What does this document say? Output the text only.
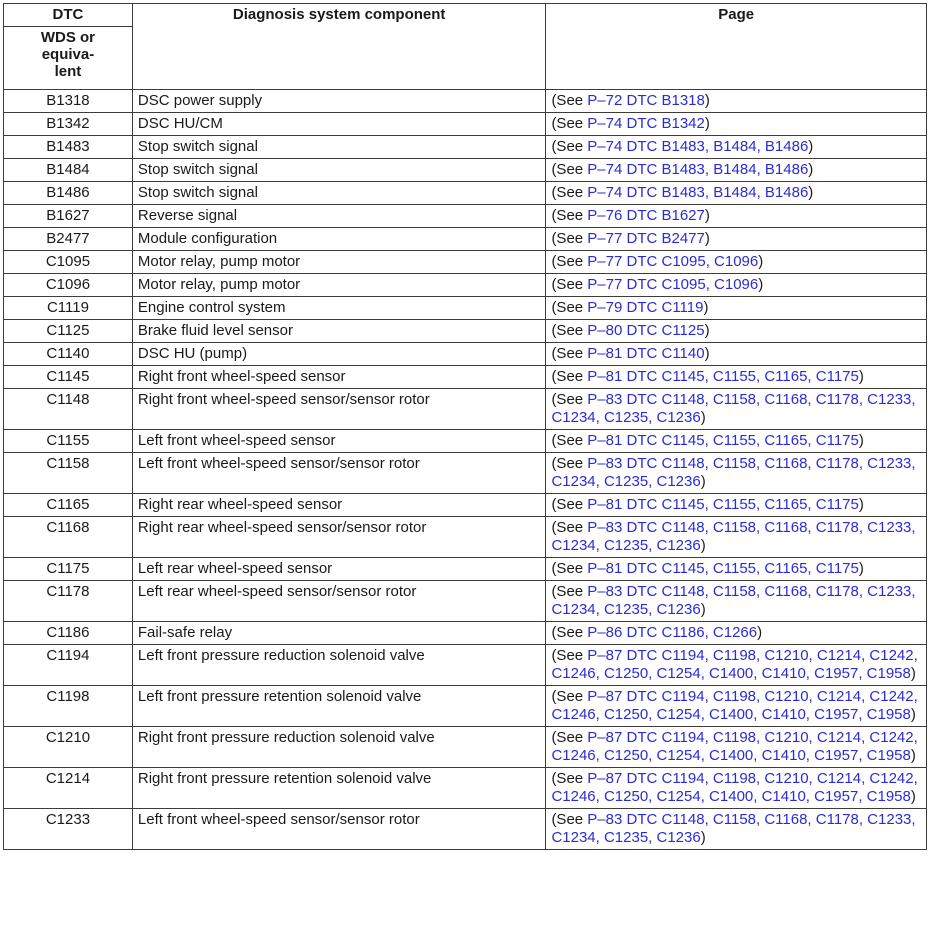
DTC	Diagnosis system component	Page
WDS or
equiva-
lent		
B1318	DSC power supply	(See P–72 DTC B1318)
B1342	DSC HU/CM	(See P–74 DTC B1342)
B1483	Stop switch signal	(See P–74 DTC B1483, B1484, B1486)
B1484	Stop switch signal	(See P–74 DTC B1483, B1484, B1486)
B1486	Stop switch signal	(See P–74 DTC B1483, B1484, B1486)
B1627	Reverse signal	(See P–76 DTC B1627)
B2477	Module configuration	(See P–77 DTC B2477)
C1095	Motor relay, pump motor	(See P–77 DTC C1095, C1096)
C1096	Motor relay, pump motor	(See P–77 DTC C1095, C1096)
C1119	Engine control system	(See P–79 DTC C1119)
C1125	Brake fluid level sensor	(See P–80 DTC C1125)
C1140	DSC HU (pump)	(See P–81 DTC C1140)
C1145	Right front wheel-speed sensor	(See P–81 DTC C1145, C1155, C1165, C1175)
C1148	Right front wheel-speed sensor/sensor rotor	(See P–83 DTC C1148, C1158, C1168, C1178, C1233, C1234, C1235, C1236)
C1155	Left front wheel-speed sensor	(See P–81 DTC C1145, C1155, C1165, C1175)
C1158	Left front wheel-speed sensor/sensor rotor	(See P–83 DTC C1148, C1158, C1168, C1178, C1233, C1234, C1235, C1236)
C1165	Right rear wheel-speed sensor	(See P–81 DTC C1145, C1155, C1165, C1175)
C1168	Right rear wheel-speed sensor/sensor rotor	(See P–83 DTC C1148, C1158, C1168, C1178, C1233, C1234, C1235, C1236)
C1175	Left rear wheel-speed sensor	(See P–81 DTC C1145, C1155, C1165, C1175)
C1178	Left rear wheel-speed sensor/sensor rotor	(See P–83 DTC C1148, C1158, C1168, C1178, C1233, C1234, C1235, C1236)
C1186	Fail-safe relay	(See P–86 DTC C1186, C1266)
C1194	Left front pressure reduction solenoid valve	(See P–87 DTC C1194, C1198, C1210, C1214, C1242, C1246, C1250, C1254, C1400, C1410, C1957, C1958)
C1198	Left front pressure retention solenoid valve	(See P–87 DTC C1194, C1198, C1210, C1214, C1242, C1246, C1250, C1254, C1400, C1410, C1957, C1958)
C1210	Right front pressure reduction solenoid valve	(See P–87 DTC C1194, C1198, C1210, C1214, C1242, C1246, C1250, C1254, C1400, C1410, C1957, C1958)
C1214	Right front pressure retention solenoid valve	(See P–87 DTC C1194, C1198, C1210, C1214, C1242, C1246, C1250, C1254, C1400, C1410, C1957, C1958)
C1233	Left front wheel-speed sensor/sensor rotor	(See P–83 DTC C1148, C1158, C1168, C1178, C1233, C1234, C1235, C1236)
